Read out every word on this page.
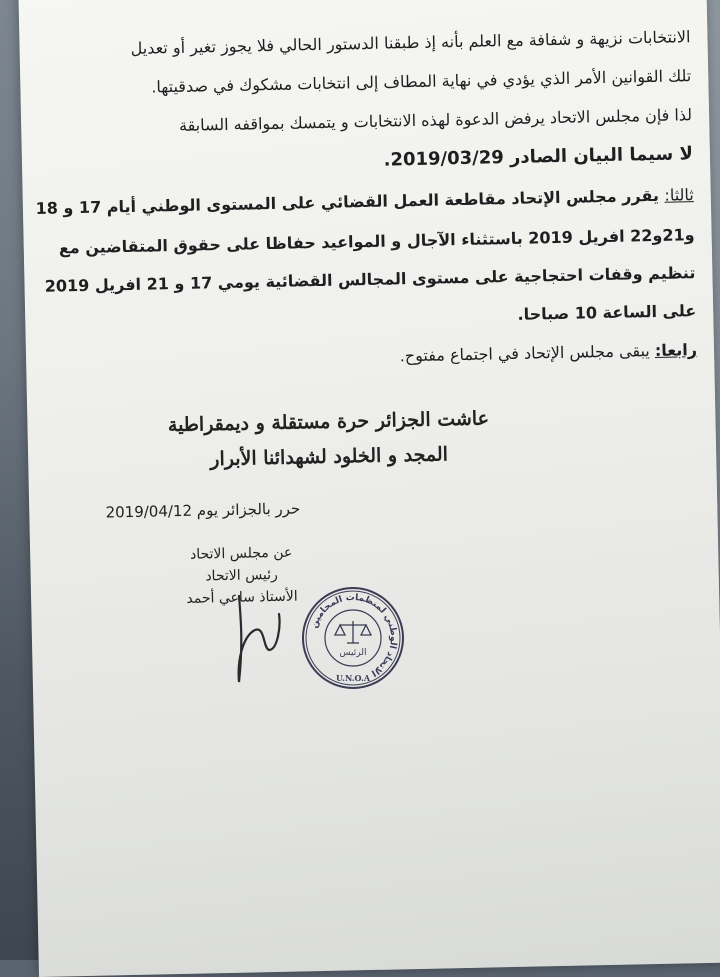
الانتخابات نزيهة و شفافة مع العلم بأنه إذ طبقنا الدستور الحالي فلا يجوز تغير أو تعديل
تلك القوانين الأمر الذي يؤدي في نهاية المطاف إلى انتخابات مشكوك في صدقيتها.
لذا فإن مجلس الاتحاد يرفض الدعوة لهذه الانتخابات و يتمسك بمواقفه السابقة
لا سيما البيان الصادر 2019/03/29.
ثالثا: يقرر مجلس الإتحاد مقاطعة العمل القضائي على المستوى الوطني أيام 17 و 18
و21و22 افريل 2019 باستثناء الآجال و المواعيد حفاظا على حقوق المتقاضين مع
تنظيم وقفات احتجاجية على مستوى المجالس القضائية يومي 17 و 21 افريل 2019
على الساعة 10 صباحا.
رابعا: يبقى مجلس الإتحاد في اجتماع مفتوح.
عاشت الجزائر حرة مستقلة و ديمقراطية
المجد و الخلود لشهدائنا الأبرار
حرر بالجزائر يوم 2019/04/12
عن مجلس الاتحاد
رئيس الاتحاد
الأستاذ ساعي أحمد
الاتحاد الوطني لمنظمات المحامين
الرئيس
U.N.O.A
